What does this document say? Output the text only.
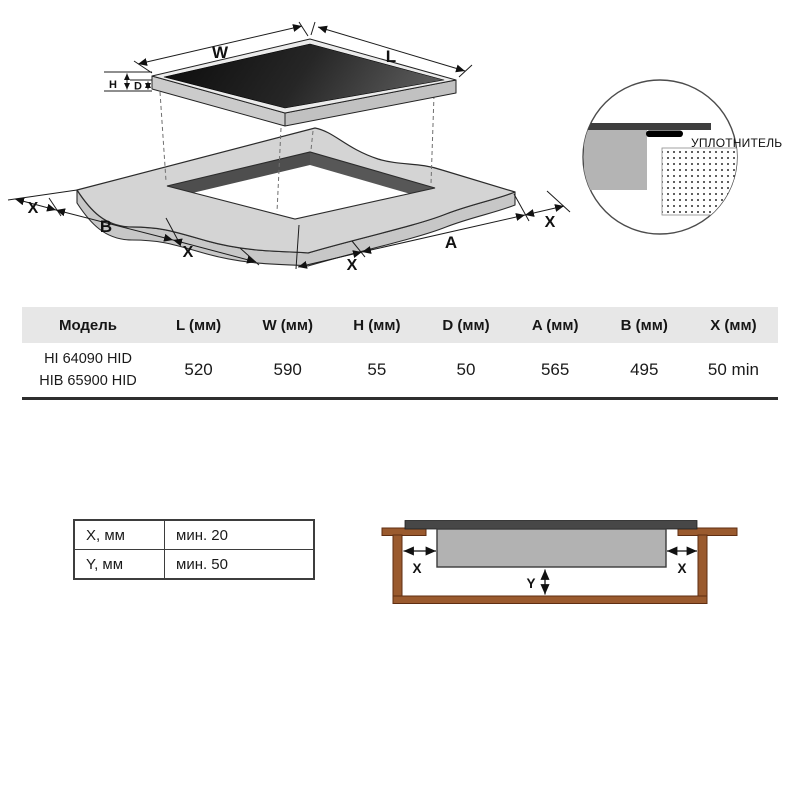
W	L
H D
X
B
X
X
A
X
УПЛОТНИТЕЛЬ
Модель	L (мм)	W (мм)	H (мм)	D (мм)	A (мм)	B (мм)	X (мм)

HI 64090 HID
HIB 65900 HID	520	590	55	50	565	495	50 min
X	X
Y
X, мм	мин. 20
Y, мм	мин. 50
